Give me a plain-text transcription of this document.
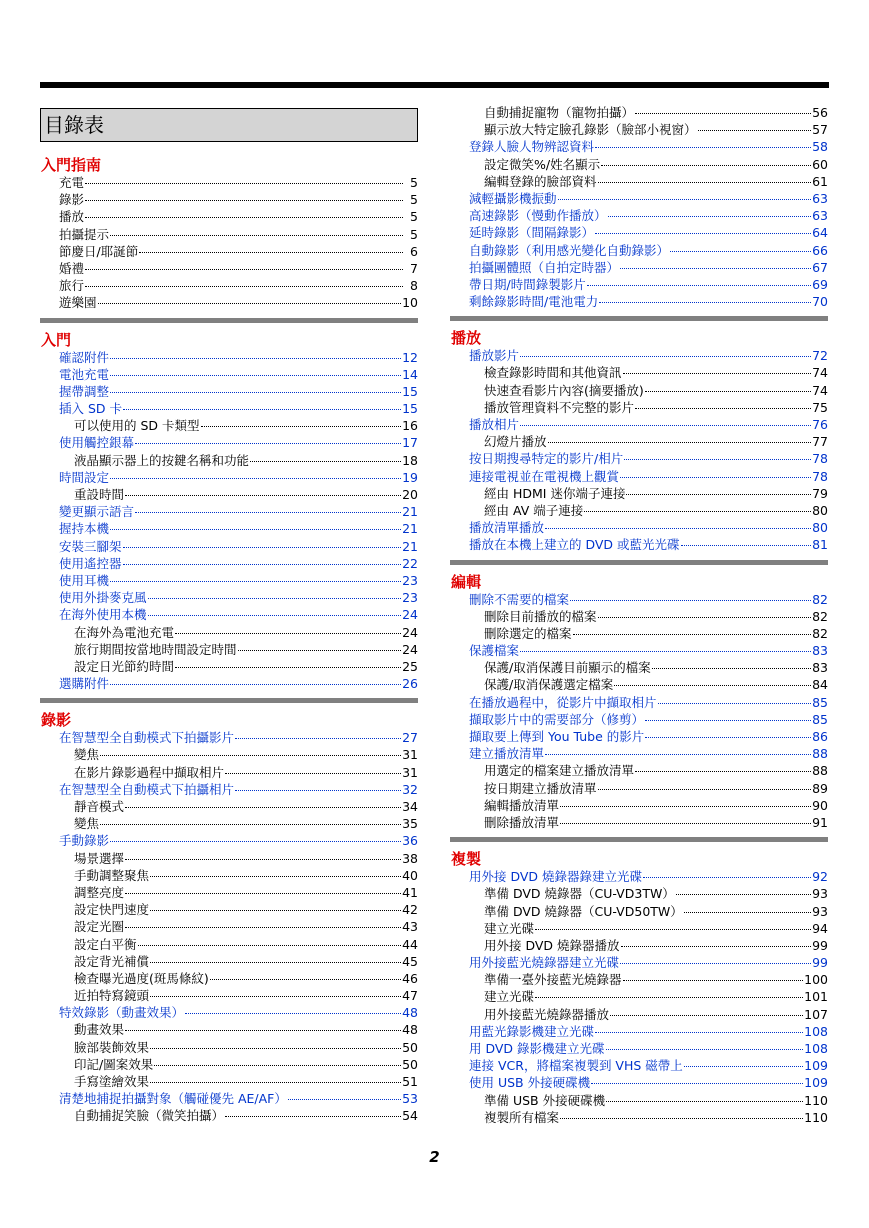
目錄表
入門指南
充電	5
錄影	5
播放	5
拍攝提示	5
節慶日/耶誕節	6
婚禮	7
旅行	8
遊樂園	10
入門
確認附件	12
電池充電	14
握帶調整	15
插入 SD 卡	15
可以使用的 SD 卡類型	16
使用觸控銀幕	17
液晶顯示器上的按鍵名稱和功能	18
時間設定	19
重設時間	20
變更顯示語言	21
握持本機	21
安裝三腳架	21
使用遙控器	22
使用耳機	23
使用外掛麥克風	23
在海外使用本機	24
在海外為電池充電	24
旅行期間按當地時間設定時間	24
設定日光節約時間	25
選購附件	26
錄影
在智慧型全自動模式下拍攝影片	27
變焦	31
在影片錄影過程中擷取相片	31
在智慧型全自動模式下拍攝相片	32
靜音模式	34
變焦	35
手動錄影	36
場景選擇	38
手動調整聚焦	40
調整亮度	41
設定快門速度	42
設定光圈	43
設定白平衡	44
設定背光補償	45
檢查曝光過度(斑馬條紋)	46
近拍特寫鏡頭	47
特效錄影（動畫效果）	48
動畫效果	48
臉部裝飾效果	50
印記/圖案效果	50
手寫塗繪效果	51
清楚地捕捉拍攝對象（觸碰優先 AE/AF）	53
自動捕捉笑臉（微笑拍攝）	54
自動捕捉寵物（寵物拍攝）	56
顯示放大特定臉孔錄影（臉部小視窗）	57
登錄人臉人物辨認資料	58
設定微笑%/姓名顯示	60
編輯登錄的臉部資料	61
減輕攝影機振動	63
高速錄影（慢動作播放）	63
延時錄影（間隔錄影）	64
自動錄影（利用感光變化自動錄影）	66
拍攝團體照（自拍定時器）	67
帶日期/時間錄製影片	69
剩餘錄影時間/電池電力	70
播放
播放影片	72
檢查錄影時間和其他資訊	74
快速查看影片內容(摘要播放)	74
播放管理資料不完整的影片	75
播放相片	76
幻燈片播放	77
按日期搜尋特定的影片/相片	78
連接電視並在電視機上觀賞	78
經由 HDMI 迷你端子連接	79
經由 AV 端子連接	80
播放清單播放	80
播放在本機上建立的 DVD 或藍光光碟	81
編輯
刪除不需要的檔案	82
刪除目前播放的檔案	82
刪除選定的檔案	82
保護檔案	83
保護/取消保護目前顯示的檔案	83
保護/取消保護選定檔案	84
在播放過程中，從影片中擷取相片	85
擷取影片中的需要部分（修剪）	85
擷取要上傳到 You Tube 的影片	86
建立播放清單	88
用選定的檔案建立播放清單	88
按日期建立播放清單	89
編輯播放清單	90
刪除播放清單	91
複製
用外接 DVD 燒錄器錄建立光碟	92
準備 DVD 燒錄器（CU-VD3TW）	93
準備 DVD 燒錄器（CU-VD50TW）	93
建立光碟	94
用外接 DVD 燒錄器播放	99
用外接藍光燒錄器建立光碟	99
準備一臺外接藍光燒錄器	100
建立光碟	101
用外接藍光燒錄器播放	107
用藍光錄影機建立光碟	108
用 DVD 錄影機建立光碟	108
連接 VCR，將檔案複製到 VHS 磁帶上	109
使用 USB 外接硬碟機	109
準備 USB 外接硬碟機	110
複製所有檔案	110
2
